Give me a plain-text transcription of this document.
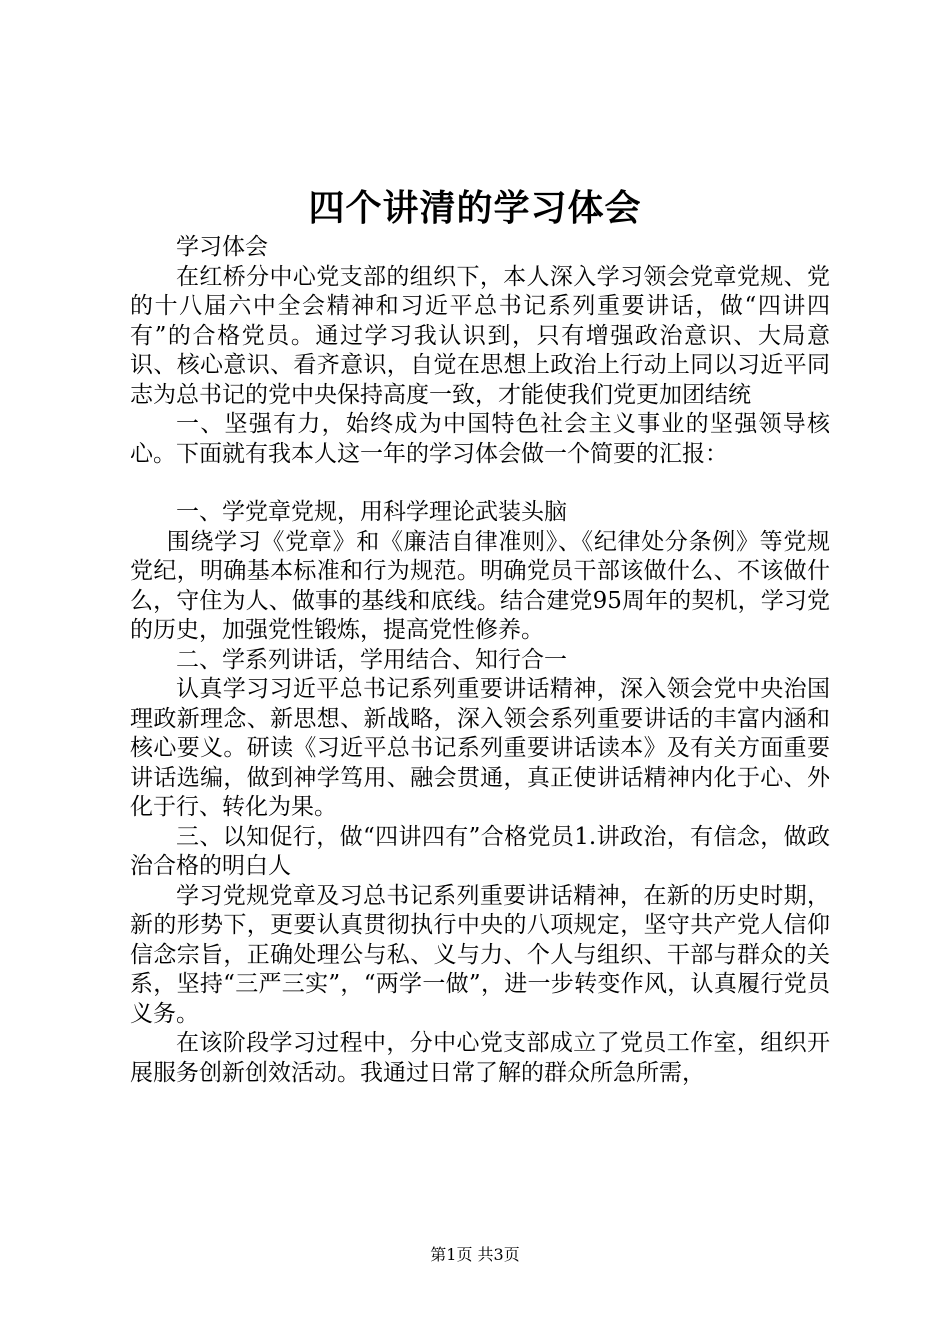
四个讲清的学习体会

学习体会

在红桥分中心党支部的组织下，本人深入学习领会党章党规、党的十八届六中全会精神和习近平总书记系列重要讲话，做“四讲四有”的合格党员。通过学习我认识到，只有增强政治意识、大局意识、核心意识、看齐意识，自觉在思想上政治上行动上同以习近平同志为总书记的党中央保持高度一致，才能使我们党更加团结统

一、坚强有力，始终成为中国特色社会主义事业的坚强领导核心。下面就有我本人这一年的学习体会做一个简要的汇报：

一、学党章党规，用科学理论武装头脑

围绕学习《党章》和《廉洁自律准则》、《纪律处分条例》等党规党纪，明确基本标准和行为规范。明确党员干部该做什么、不该做什么，守住为人、做事的基线和底线。结合建党95周年的契机，学习党的历史，加强党性锻炼，提高党性修养。

二、学系列讲话，学用结合、知行合一

认真学习习近平总书记系列重要讲话精神，深入领会党中央治国理政新理念、新思想、新战略，深入领会系列重要讲话的丰富内涵和核心要义。研读《习近平总书记系列重要讲话读本》及有关方面重要讲话选编，做到神学笃用、融会贯通，真正使讲话精神内化于心、外化于行、转化为果。

三、以知促行，做“四讲四有”合格党员1.讲政治，有信念，做政治合格的明白人

学习党规党章及习总书记系列重要讲话精神，在新的历史时期，新的形势下，更要认真贯彻执行中央的八项规定，坚守共产党人信仰信念宗旨，正确处理公与私、义与力、个人与组织、干部与群众的关系，坚持“三严三实”，“两学一做”，进一步转变作风，认真履行党员义务。

在该阶段学习过程中，分中心党支部成立了党员工作室，组织开展服务创新创效活动。我通过日常了解的群众所急所需，

第1页 共3页
